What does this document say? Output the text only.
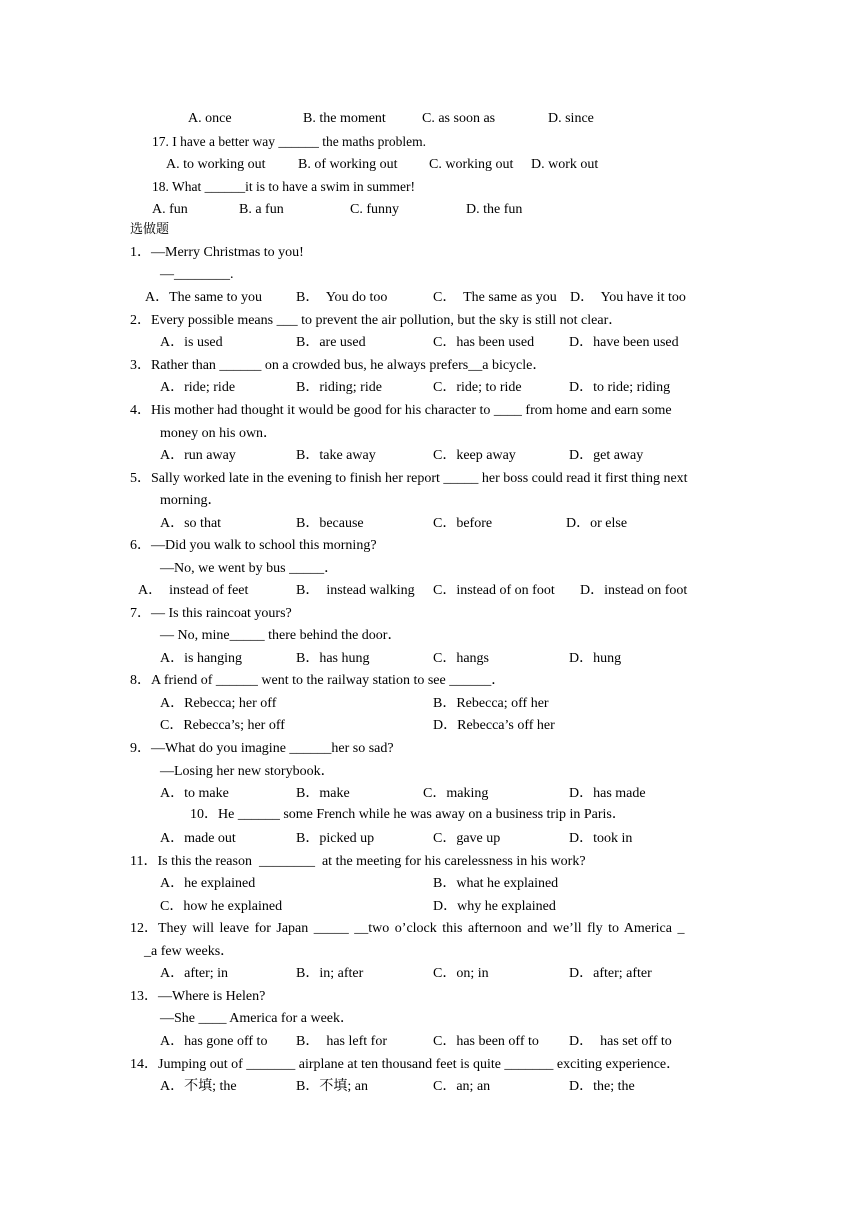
A. once	B. the moment	C. as soon as	D. since
17. I have a better way ______ the maths problem.
A. to working out B. of working out C. working out D. work out
18. What ______it is to have a swim in summer!
A. fun	B. a fun	C. funny	D. the fun
选做题
1．—Merry Christmas to you!
—________.
A．The same to you B．  You do too	C．  The same as you D．  You have it too
2．Every possible means ___ to prevent the air pollution, but the sky is still not clear．
A．is used	B．are used	C．has been used D．have been used
3．Rather than ______ on a crowded bus, he always prefers__a bicycle．
A．ride; ride	B．riding; ride	C．ride; to ride	D．to ride; riding
4．His mother had thought it would be good for his character to ____ from home and earn some
money on his own．
A．run away	B．take away	C．keep away	D．get away
5．Sally worked late in the evening to finish her report _____ her boss could read it first thing next
morning．
A．so that	B．because	C．before	D．or else
6．—Did you walk to school this morning?
—No, we went by bus _____．
A．  instead of feet	B．  instead walking C．instead of on foot D．instead on foot
7．— Is this raincoat yours?
— No, mine_____ there behind the door．
A．is hanging	B．has hung	C．hangs	D．hung
8．A friend of ______ went to the railway station to see ______．
A．Rebecca; her off	B．Rebecca; off her
C．Rebecca’s; her off	D．Rebecca’s off her
9．—What do you imagine ______her so sad?
—Losing her new storybook．
A．to make	B．make	C．making	D．has made
10．He ______ some French while he was away on a business trip in Paris．
A．made out	B．picked up	C．gave up	D．took in
11．Is this the reason  ________  at the meeting for his carelessness in his work?
A．he explained	B．what he explained
C．how he explained	D．why he explained
12．They will leave for Japan _____ __two o’clock this afternoon and we’ll fly to America _
_a few weeks．
A．after; in	B．in; after	C．on; in	D．after; after
13．—Where is Helen?
—She ____ America for a week．
A．has gone off to B．  has left for	C．has been off to D．  has set off to
14．Jumping out of _______ airplane at ten thousand feet is quite _______ exciting experience．
A．不填; the	B．不填; an	C．an; an	D．the; the
